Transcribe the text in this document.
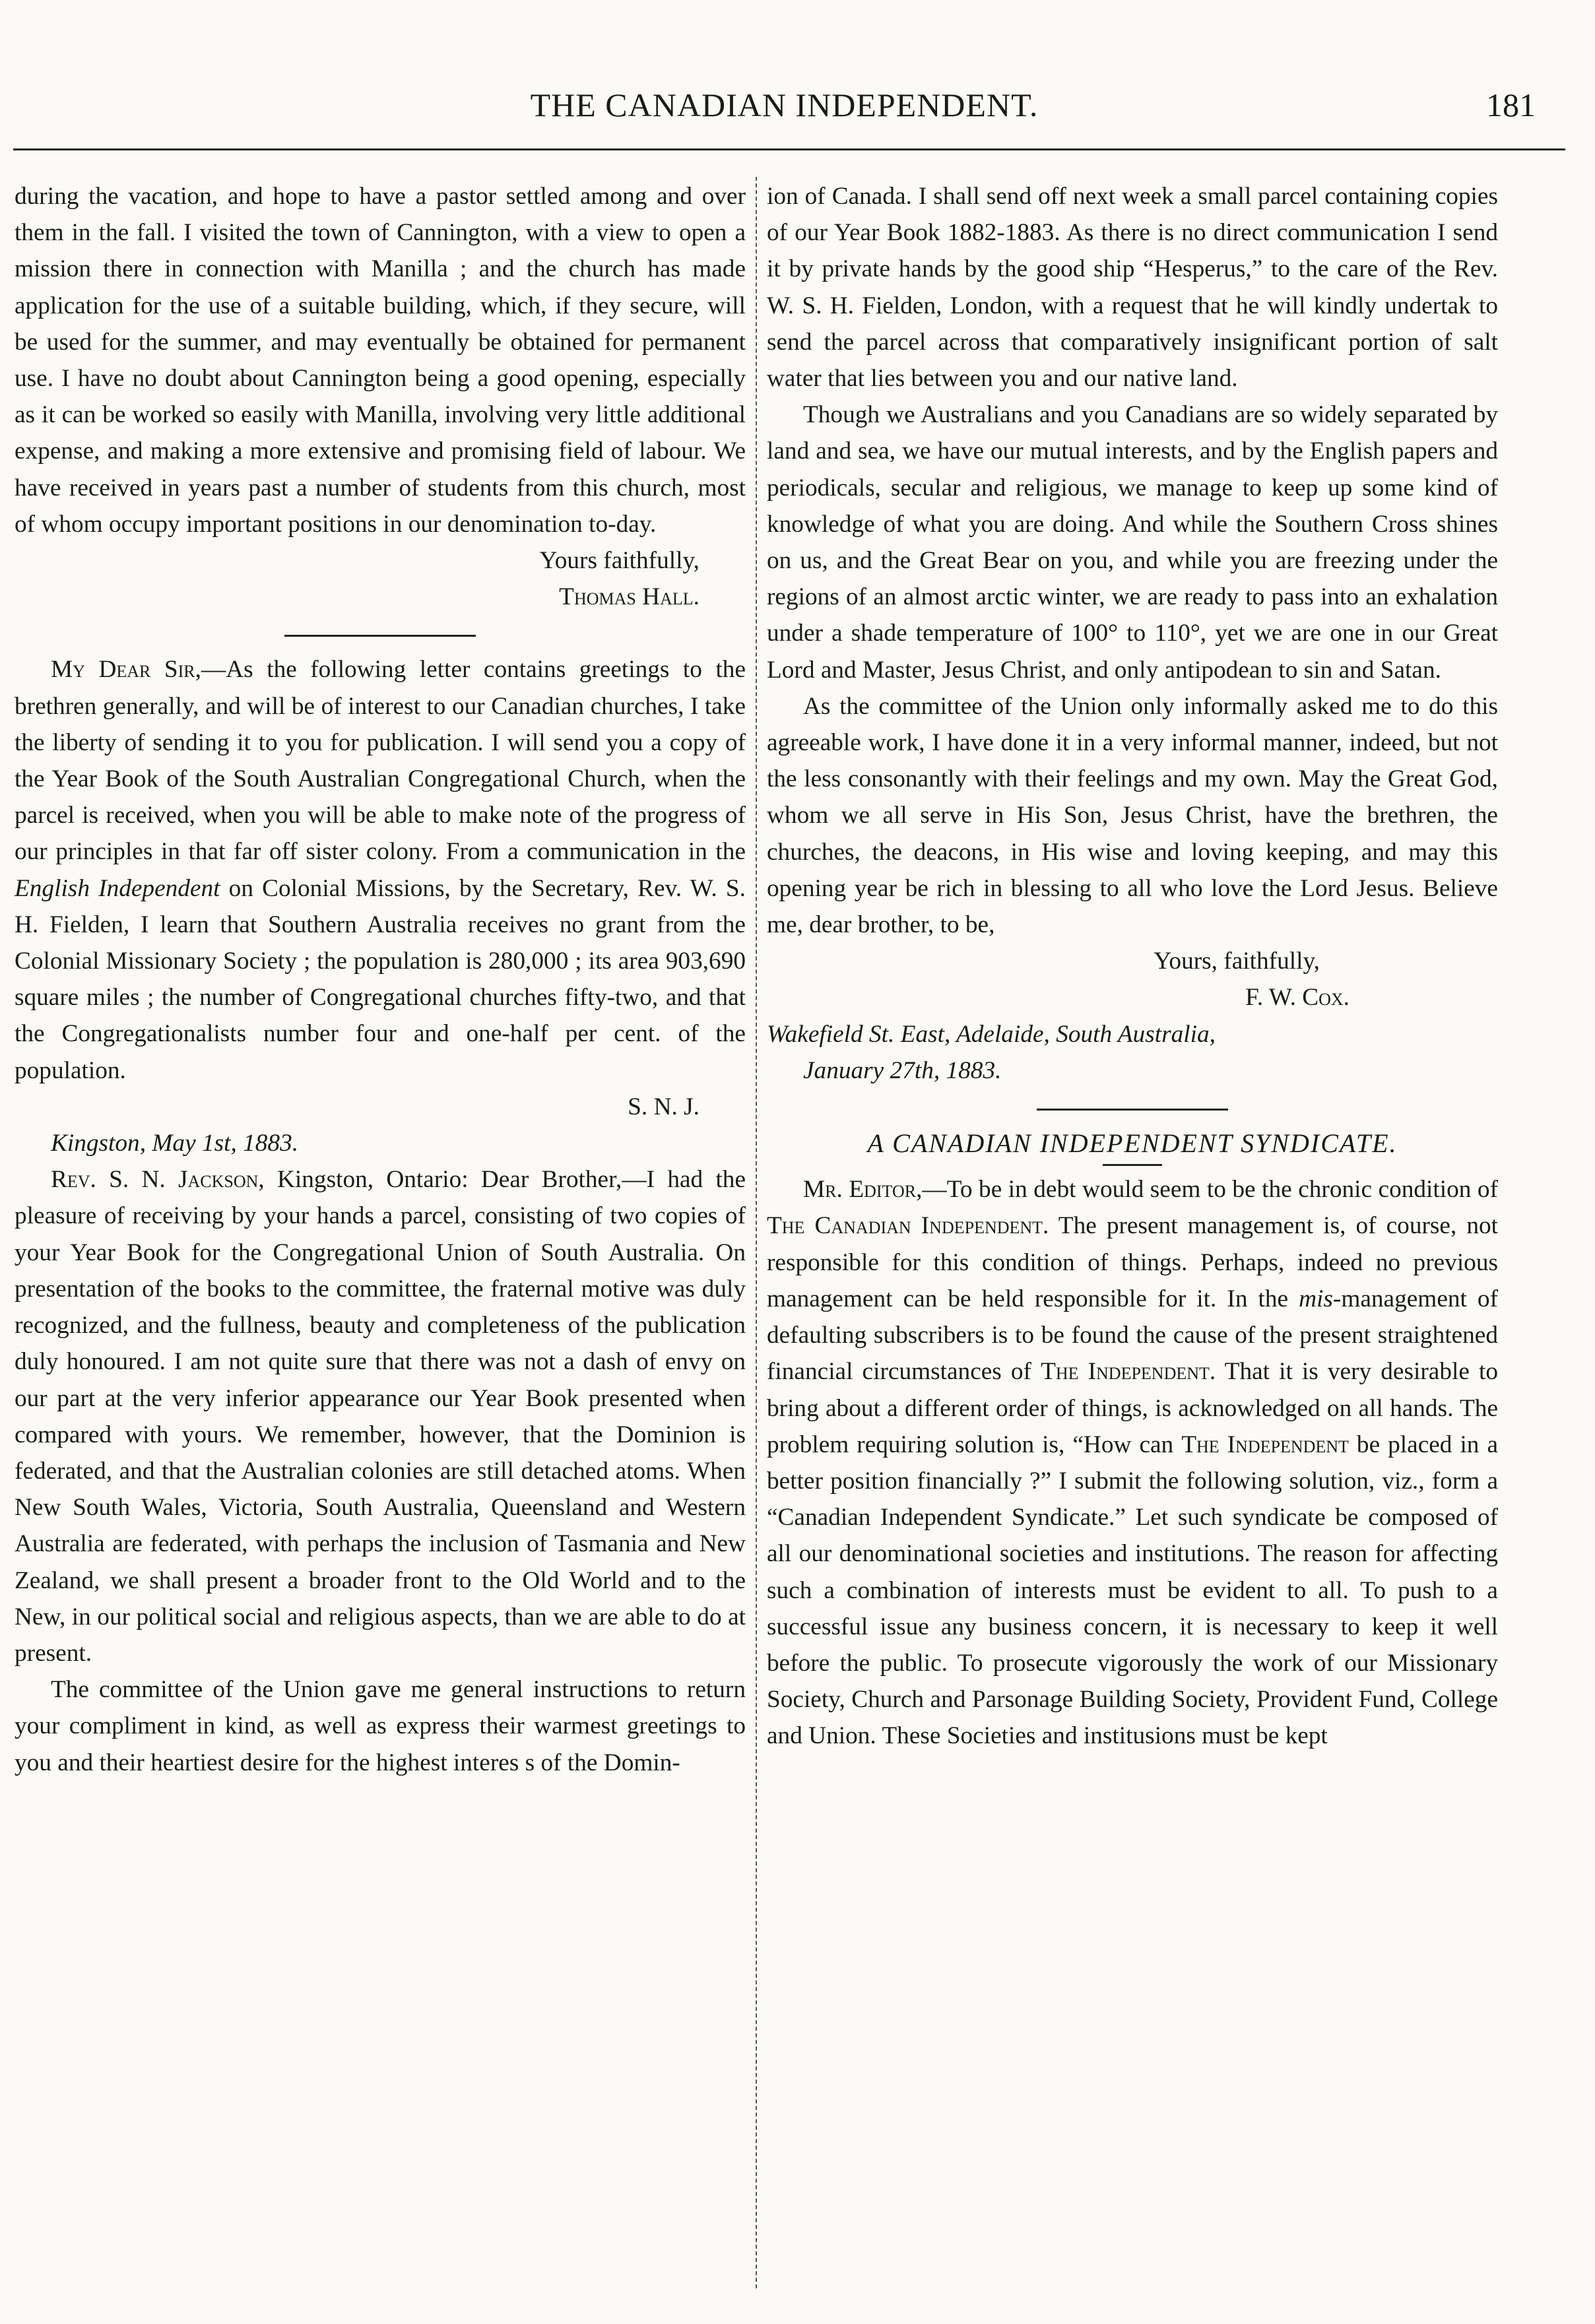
THE CANADIAN INDEPENDENT.	181

during the vacation, and hope to have a pastor settled among and over them in the fall. I visited the town of Cannington, with a view to open a mission there in connection with Manilla ; and the church has made application for the use of a suitable building, which, if they secure, will be used for the summer, and may eventually be obtained for permanent use. I have no doubt about Cannington being a good opening, especially as it can be worked so easily with Manilla, involving very little additional expense, and making a more extensive and promising field of labour. We have received in years past a number of students from this church, most of whom occupy important positions in our denomination to-day.

Yours faithfully,

Thomas Hall.

My Dear Sir,—As the following letter contains greetings to the brethren generally, and will be of interest to our Canadian churches, I take the liberty of sending it to you for publication. I will send you a copy of the Year Book of the South Australian Congregational Church, when the parcel is received, when you will be able to make note of the progress of our principles in that far off sister colony. From a communication in the English Independent on Colonial Missions, by the Secretary, Rev. W. S. H. Fielden, I learn that Southern Australia receives no grant from the Colonial Missionary Society ; the population is 280,000 ; its area 903,690 square miles ; the number of Congregational churches fifty-two, and that the Congregationalists number four and one-half per cent. of the population.

S. N. J.

Kingston, May 1st, 1883.

Rev. S. N. Jackson, Kingston, Ontario: Dear Brother,—I had the pleasure of receiving by your hands a parcel, consisting of two copies of your Year Book for the Congregational Union of South Australia. On presentation of the books to the committee, the fraternal motive was duly recognized, and the fullness, beauty and completeness of the publication duly honoured. I am not quite sure that there was not a dash of envy on our part at the very inferior appearance our Year Book presented when compared with yours. We remember, however, that the Dominion is federated, and that the Australian colonies are still detached atoms. When New South Wales, Victoria, South Australia, Queensland and Western Australia are federated, with perhaps the inclusion of Tasmania and New Zealand, we shall present a broader front to the Old World and to the New, in our political social and religious aspects, than we are able to do at present.

The committee of the Union gave me general instructions to return your compliment in kind, as well as express their warmest greetings to you and their heartiest desire for the highest interes s of the Domin-

ion of Canada. I shall send off next week a small parcel containing copies of our Year Book 1882-1883. As there is no direct communication I send it by private hands by the good ship “Hesperus,” to the care of the Rev. W. S. H. Fielden, London, with a request that he will kindly undertak to send the parcel across that comparatively insignificant portion of salt water that lies between you and our native land.

Though we Australians and you Canadians are so widely separated by land and sea, we have our mutual interests, and by the English papers and periodicals, secular and religious, we manage to keep up some kind of knowledge of what you are doing. And while the Southern Cross shines on us, and the Great Bear on you, and while you are freezing under the regions of an almost arctic winter, we are ready to pass into an exhalation under a shade temperature of 100° to 110°, yet we are one in our Great Lord and Master, Jesus Christ, and only antipodean to sin and Satan.

As the committee of the Union only informally asked me to do this agreeable work, I have done it in a very informal manner, indeed, but not the less consonantly with their feelings and my own. May the Great God, whom we all serve in His Son, Jesus Christ, have the brethren, the churches, the deacons, in His wise and loving keeping, and may this opening year be rich in blessing to all who love the Lord Jesus. Believe me, dear brother, to be,

Yours, faithfully,

F. W. Cox.

Wakefield St. East, Adelaide, South Australia,

January 27th, 1883.

A CANADIAN INDEPENDENT SYNDICATE.

Mr. Editor,—To be in debt would seem to be the chronic condition of The Canadian Independent. The present management is, of course, not responsible for this condition of things. Perhaps, indeed no previous management can be held responsible for it. In the mis-management of defaulting subscribers is to be found the cause of the present straightened financial circumstances of The Independent. That it is very desirable to bring about a different order of things, is acknowledged on all hands. The problem requiring solution is, “How can The Independent be placed in a better position financially ?” I submit the following solution, viz., form a “Canadian Independent Syndicate.” Let such syndicate be composed of all our denominational societies and institutions. The reason for affecting such a combination of interests must be evident to all. To push to a successful issue any business concern, it is necessary to keep it well before the public. To prosecute vigorously the work of our Missionary Society, Church and Parsonage Building Society, Provident Fund, College and Union. These Societies and institusions must be kept
